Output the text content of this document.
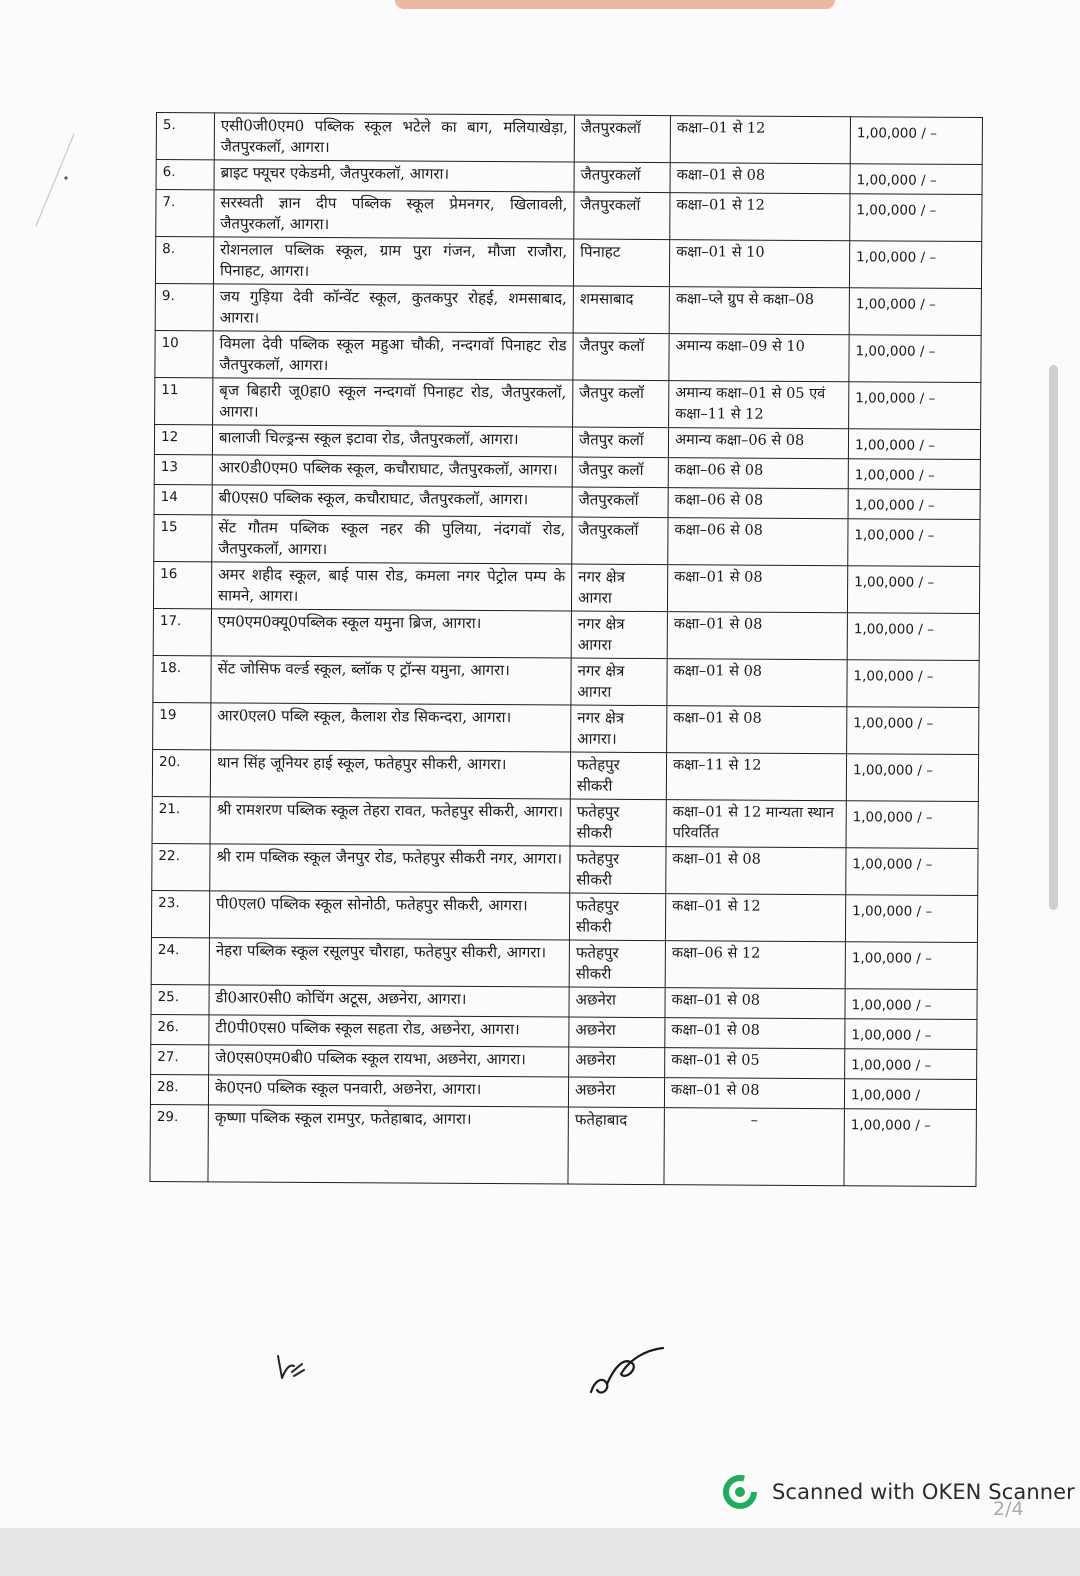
5.	एसी0जी0एम0 पब्लिक स्कूल भटेले का बाग, मलियाखेड़ा, जैतपुरकलॉ, आगरा।	जैतपुरकलॉ	कक्षा–01 से 12	1,00,000 / –
6.	ब्राइट फ्यूचर एकेडमी, जैतपुरकलॉ, आगरा।	जैतपुरकलॉ	कक्षा–01 से 08	1,00,000 / –
7.	सरस्वती ज्ञान दीप पब्लिक स्कूल प्रेमनगर, खिलावली, जैतपुरकलॉ, आगरा।	जैतपुरकलॉ	कक्षा–01 से 12	1,00,000 / –
8.	रोशनलाल पब्लिक स्कूल, ग्राम पुरा गंजन, मौजा राजौरा, पिनाहट, आगरा।	पिनाहट	कक्षा–01 से 10	1,00,000 / –
9.	जय गुड़िया देवी कॉन्वेंट स्कूल, कुतकपुर रोहई, शमसाबाद, आगरा।	शमसाबाद	कक्षा–प्ले ग्रुप से कक्षा–08	1,00,000 / –
10	विमला देवी पब्लिक स्कूल महुआ चौकी, नन्दगवॉ पिनाहट रोड जैतपुरकलॉ, आगरा।	जैतपुर कलॉ	अमान्य कक्षा–09 से 10	1,00,000 / –
11	बृज बिहारी जू0हा0 स्कूल नन्दगवॉ पिनाहट रोड, जैतपुरकलॉ, आगरा।	जैतपुर कलॉ	अमान्य कक्षा–01 से 05 एवं कक्षा–11 से 12	1,00,000 / –
12	बालाजी चिल्ड्रन्स स्कूल इटावा रोड, जैतपुरकलॉ, आगरा।	जैतपुर कलॉ	अमान्य कक्षा–06 से 08	1,00,000 / –
13	आर0डी0एम0 पब्लिक स्कूल, कचौराघाट, जैतपुरकलॉ, आगरा।	जैतपुर कलॉ	कक्षा–06 से 08	1,00,000 / –
14	बी0एस0 पब्लिक स्कूल, कचौराघाट, जैतपुरकलॉ, आगरा।	जैतपुरकलॉ	कक्षा–06 से 08	1,00,000 / –
15	सेंट गौतम पब्लिक स्कूल नहर की पुलिया, नंदगवॉ रोड, जैतपुरकलॉ, आगरा।	जैतपुरकलॉ	कक्षा–06 से 08	1,00,000 / –
16	अमर शहीद स्कूल, बाई पास रोड, कमला नगर पेट्रोल पम्प के सामने, आगरा।	नगर क्षेत्र आगरा	कक्षा–01 से 08	1,00,000 / –
17.	एम0एम0क्यू0पब्लिक स्कूल यमुना ब्रिज, आगरा।	नगर क्षेत्र आगरा	कक्षा–01 से 08	1,00,000 / –
18.	सेंट जोसिफ वर्ल्ड स्कूल, ब्लॉक ए ट्रॉन्स यमुना, आगरा।	नगर क्षेत्र आगरा	कक्षा–01 से 08	1,00,000 / –
19	आर0एल0 पब्लि स्कूल, कैलाश रोड सिकन्दरा, आगरा।	नगर क्षेत्र आगरा।	कक्षा–01 से 08	1,00,000 / –
20.	थान सिंह जूनियर हाई स्कूल, फतेहपुर सीकरी, आगरा।	फतेहपुर सीकरी	कक्षा–11 से 12	1,00,000 / –
21.	श्री रामशरण पब्लिक स्कूल तेहरा रावत, फतेहपुर सीकरी, आगरा।	फतेहपुर सीकरी	कक्षा–01 से 12 मान्यता स्थान परिवर्तित	1,00,000 / –
22.	श्री राम पब्लिक स्कूल जैनपुर रोड, फतेहपुर सीकरी नगर, आगरा।	फतेहपुर सीकरी	कक्षा–01 से 08	1,00,000 / –
23.	पी0एल0 पब्लिक स्कूल सोनोठी, फतेहपुर सीकरी, आगरा।	फतेहपुर सीकरी	कक्षा–01 से 12	1,00,000 / –
24.	नेहरा पब्लिक स्कूल रसूलपुर चौराहा, फतेहपुर सीकरी, आगरा।	फतेहपुर सीकरी	कक्षा–06 से 12	1,00,000 / –
25.	डी0आर0सी0 कोचिंग अटूस, अछनेरा, आगरा।	अछनेरा	कक्षा–01 से 08	1,00,000 / –
26.	टी0पी0एस0 पब्लिक स्कूल सहता रोड, अछनेरा, आगरा।	अछनेरा	कक्षा–01 से 08	1,00,000 / –
27.	जे0एस0एम0बी0 पब्लिक स्कूल रायभा, अछनेरा, आगरा।	अछनेरा	कक्षा–01 से 05	1,00,000 / –
28.	के0एन0 पब्लिक स्कूल पनवारी, अछनेरा, आगरा।	अछनेरा	कक्षा–01 से 08	1,00,000 /
29.	कृष्णा पब्लिक स्कूल रामपुर, फतेहाबाद, आगरा।	फतेहाबाद	–	1,00,000 / –
Scanned with OKEN Scanner
2/4
